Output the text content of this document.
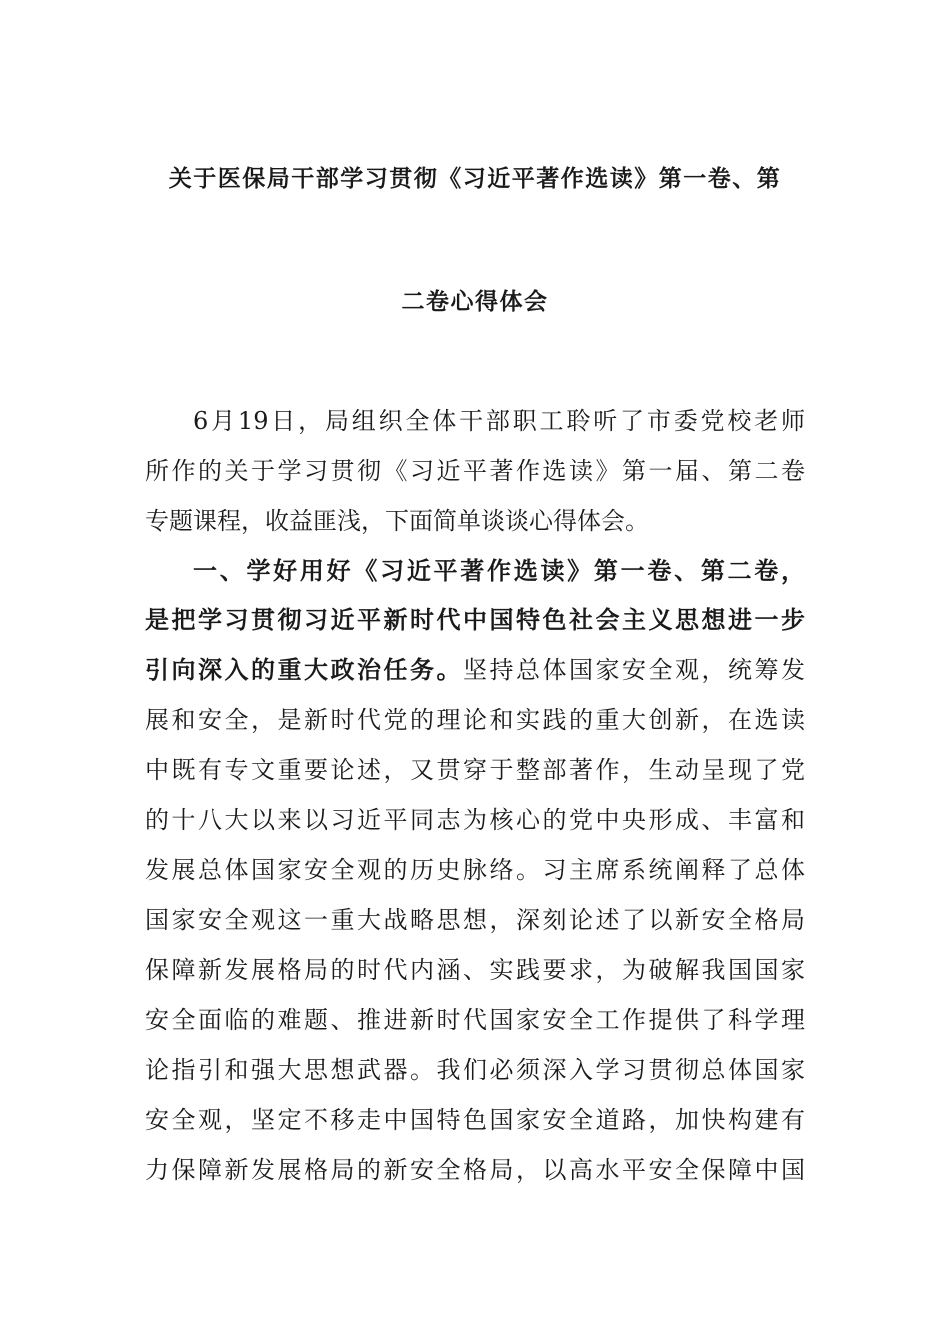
关于医保局干部学习贯彻《习近平著作选读》第一卷、第
二卷心得体会
6月19日，局组织全体干部职工聆听了市委党校老师
所作的关于学习贯彻《习近平著作选读》第一届、第二卷
专题课程，收益匪浅，下面简单谈谈心得体会。
一、学好用好《习近平著作选读》第一卷、第二卷，
是把学习贯彻习近平新时代中国特色社会主义思想进一步
引向深入的重大政治任务。坚持总体国家安全观，统筹发
展和安全，是新时代党的理论和实践的重大创新，在选读
中既有专文重要论述，又贯穿于整部著作，生动呈现了党
的十八大以来以习近平同志为核心的党中央形成、丰富和
发展总体国家安全观的历史脉络。习主席系统阐释了总体
国家安全观这一重大战略思想，深刻论述了以新安全格局
保障新发展格局的时代内涵、实践要求，为破解我国国家
安全面临的难题、推进新时代国家安全工作提供了科学理
论指引和强大思想武器。我们必须深入学习贯彻总体国家
安全观，坚定不移走中国特色国家安全道路，加快构建有
力保障新发展格局的新安全格局，以高水平安全保障中国
